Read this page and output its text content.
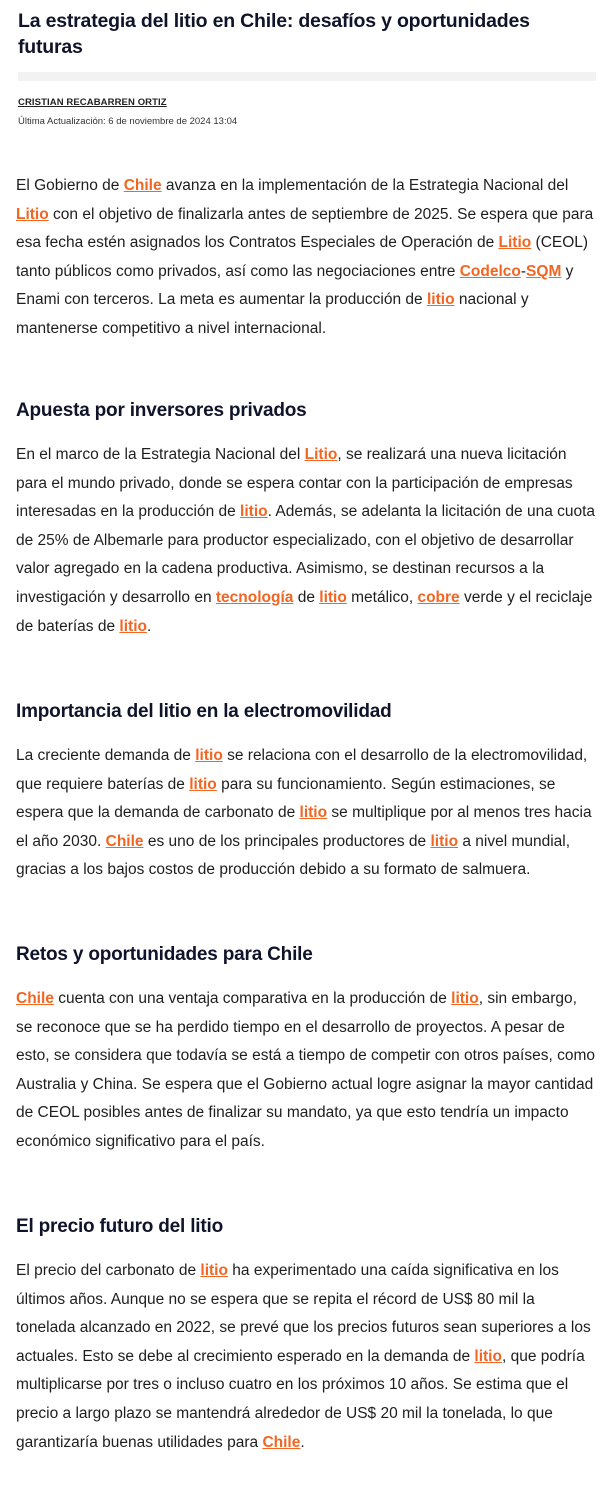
La estrategia del litio en Chile: desafíos y oportunidades futuras
CRISTIAN RECABARREN ORTIZ
Última Actualización: 6 de noviembre de 2024 13:04

El Gobierno de Chile avanza en la implementación de la Estrategia Nacional del Litio con el objetivo de finalizarla antes de septiembre de 2025. Se espera que para esa fecha estén asignados los Contratos Especiales de Operación de Litio (CEOL) tanto públicos como privados, así como las negociaciones entre Codelco-SQM y Enami con terceros. La meta es aumentar la producción de litio nacional y mantenerse competitivo a nivel internacional.

Apuesta por inversores privados

En el marco de la Estrategia Nacional del Litio, se realizará una nueva licitación para el mundo privado, donde se espera contar con la participación de empresas interesadas en la producción de litio. Además, se adelanta la licitación de una cuota de 25% de Albemarle para productor especializado, con el objetivo de desarrollar valor agregado en la cadena productiva. Asimismo, se destinan recursos a la investigación y desarrollo en tecnología de litio metálico, cobre verde y el reciclaje de baterías de litio.

Importancia del litio en la electromovilidad

La creciente demanda de litio se relaciona con el desarrollo de la electromovilidad, que requiere baterías de litio para su funcionamiento. Según estimaciones, se espera que la demanda de carbonato de litio se multiplique por al menos tres hacia el año 2030. Chile es uno de los principales productores de litio a nivel mundial, gracias a los bajos costos de producción debido a su formato de salmuera.

Retos y oportunidades para Chile

Chile cuenta con una ventaja comparativa en la producción de litio, sin embargo, se reconoce que se ha perdido tiempo en el desarrollo de proyectos. A pesar de esto, se considera que todavía se está a tiempo de competir con otros países, como Australia y China. Se espera que el Gobierno actual logre asignar la mayor cantidad de CEOL posibles antes de finalizar su mandato, ya que esto tendría un impacto económico significativo para el país.

El precio futuro del litio

El precio del carbonato de litio ha experimentado una caída significativa en los últimos años. Aunque no se espera que se repita el récord de US$ 80 mil la tonelada alcanzado en 2022, se prevé que los precios futuros sean superiores a los actuales. Esto se debe al crecimiento esperado en la demanda de litio, que podría multiplicarse por tres o incluso cuatro en los próximos 10 años. Se estima que el precio a largo plazo se mantendrá alrededor de US$ 20 mil la tonelada, lo que garantizaría buenas utilidades para Chile.
